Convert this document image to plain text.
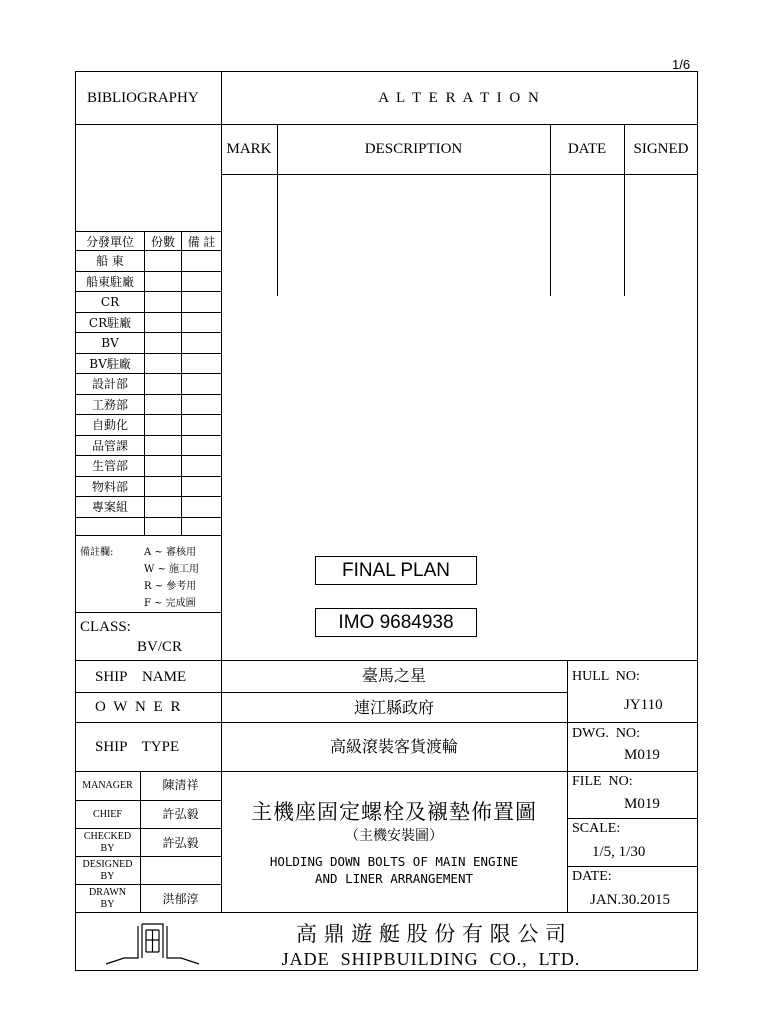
1/6
BIBLIOGRAPHY	A L T E R A T I O N
MARK	DESCRIPTION	DATE	SIGNED
分發單位	份數	備 註
船 東		
船東駐廠		
CR		
CR駐廠		
BV		
BV駐廠		
設計部		
工務部		
自動化		
品管課		
生管部		
物料部		
專案組		

備註欄:	A ~ 審核用
W ~ 施工用
R ~ 參考用
F ~ 完成圖
CLASS:
BV/CR
FINAL PLAN
IMO 9684938
SHIP    NAME	臺馬之星
O W N E R	連江縣政府
SHIP    TYPE	高級滾裝客貨渡輪
HULL  NO:
JY110
DWG.  NO:
M019
MANAGER	陳清祥
CHIEF	許弘毅
CHECKED
BY	許弘毅
DESIGNED
BY
DRAWN
BY	洪郁淳
主機座固定螺栓及襯墊佈置圖
（主機安裝圖）
HOLDING DOWN BOLTS OF MAIN ENGINE
AND LINER ARRANGEMENT
FILE  NO:
M019
SCALE:
1/5, 1/30
DATE:
JAN.30.2015
高 鼎 遊 艇 股 份 有 限 公 司
JADE  SHIPBUILDING  CO.,  LTD.
